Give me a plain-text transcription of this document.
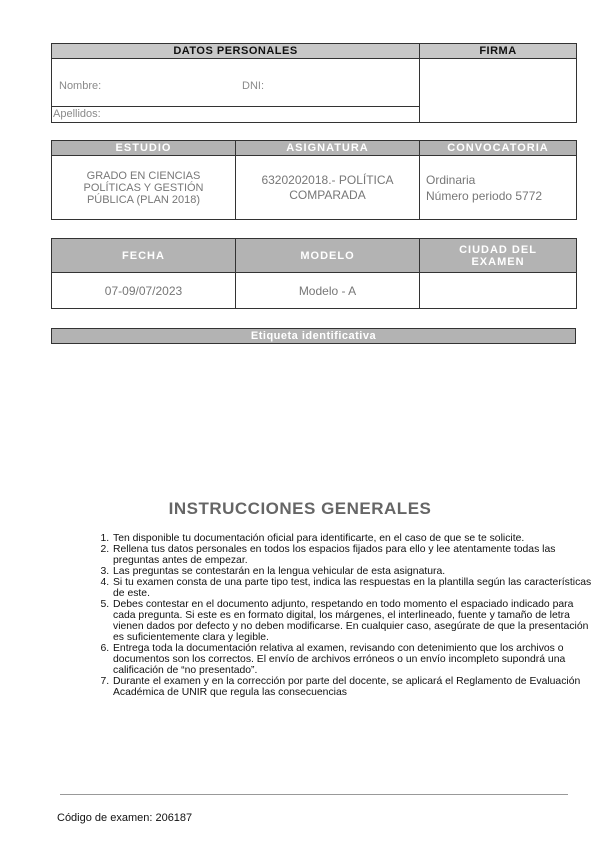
DATOS PERSONALES	FIRMA

Nombre: DNI:	

Apellidos:	
ESTUDIO	ASIGNATURA	CONVOCATORIA
GRADO EN CIENCIAS POLÍTICAS Y GESTIÓN PÚBLICA (PLAN 2018)	6320202018.- POLÍTICA COMPARADA	Ordinaria
Número periodo 5772
FECHA	MODELO	CIUDAD DEL EXAMEN
07-09/07/2023	Modelo - A	
Etiqueta identificativa
INSTRUCCIONES GENERALES
1. Ten disponible tu documentación oficial para identificarte, en el caso de que se te solicite.
2. Rellena tus datos personales en todos los espacios fijados para ello y lee atentamente todas las preguntas antes de empezar.
3. Las preguntas se contestarán en la lengua vehicular de esta asignatura.
4. Si tu examen consta de una parte tipo test, indica las respuestas en la plantilla según las características de este.
5. Debes contestar en el documento adjunto, respetando en todo momento el espaciado indicado para cada pregunta. Si este es en formato digital, los márgenes, el interlineado, fuente y tamaño de letra vienen dados por defecto y no deben modificarse. En cualquier caso, asegúrate de que la presentación es suficientemente clara y legible.
6. Entrega toda la documentación relativa al examen, revisando con detenimiento que los archivos o documentos son los correctos. El envío de archivos erróneos o un envío incompleto supondrá una calificación de “no presentado”.
7. Durante el examen y en la corrección por parte del docente, se aplicará el Reglamento de Evaluación Académica de UNIR que regula las consecuencias
Código de examen: 206187
